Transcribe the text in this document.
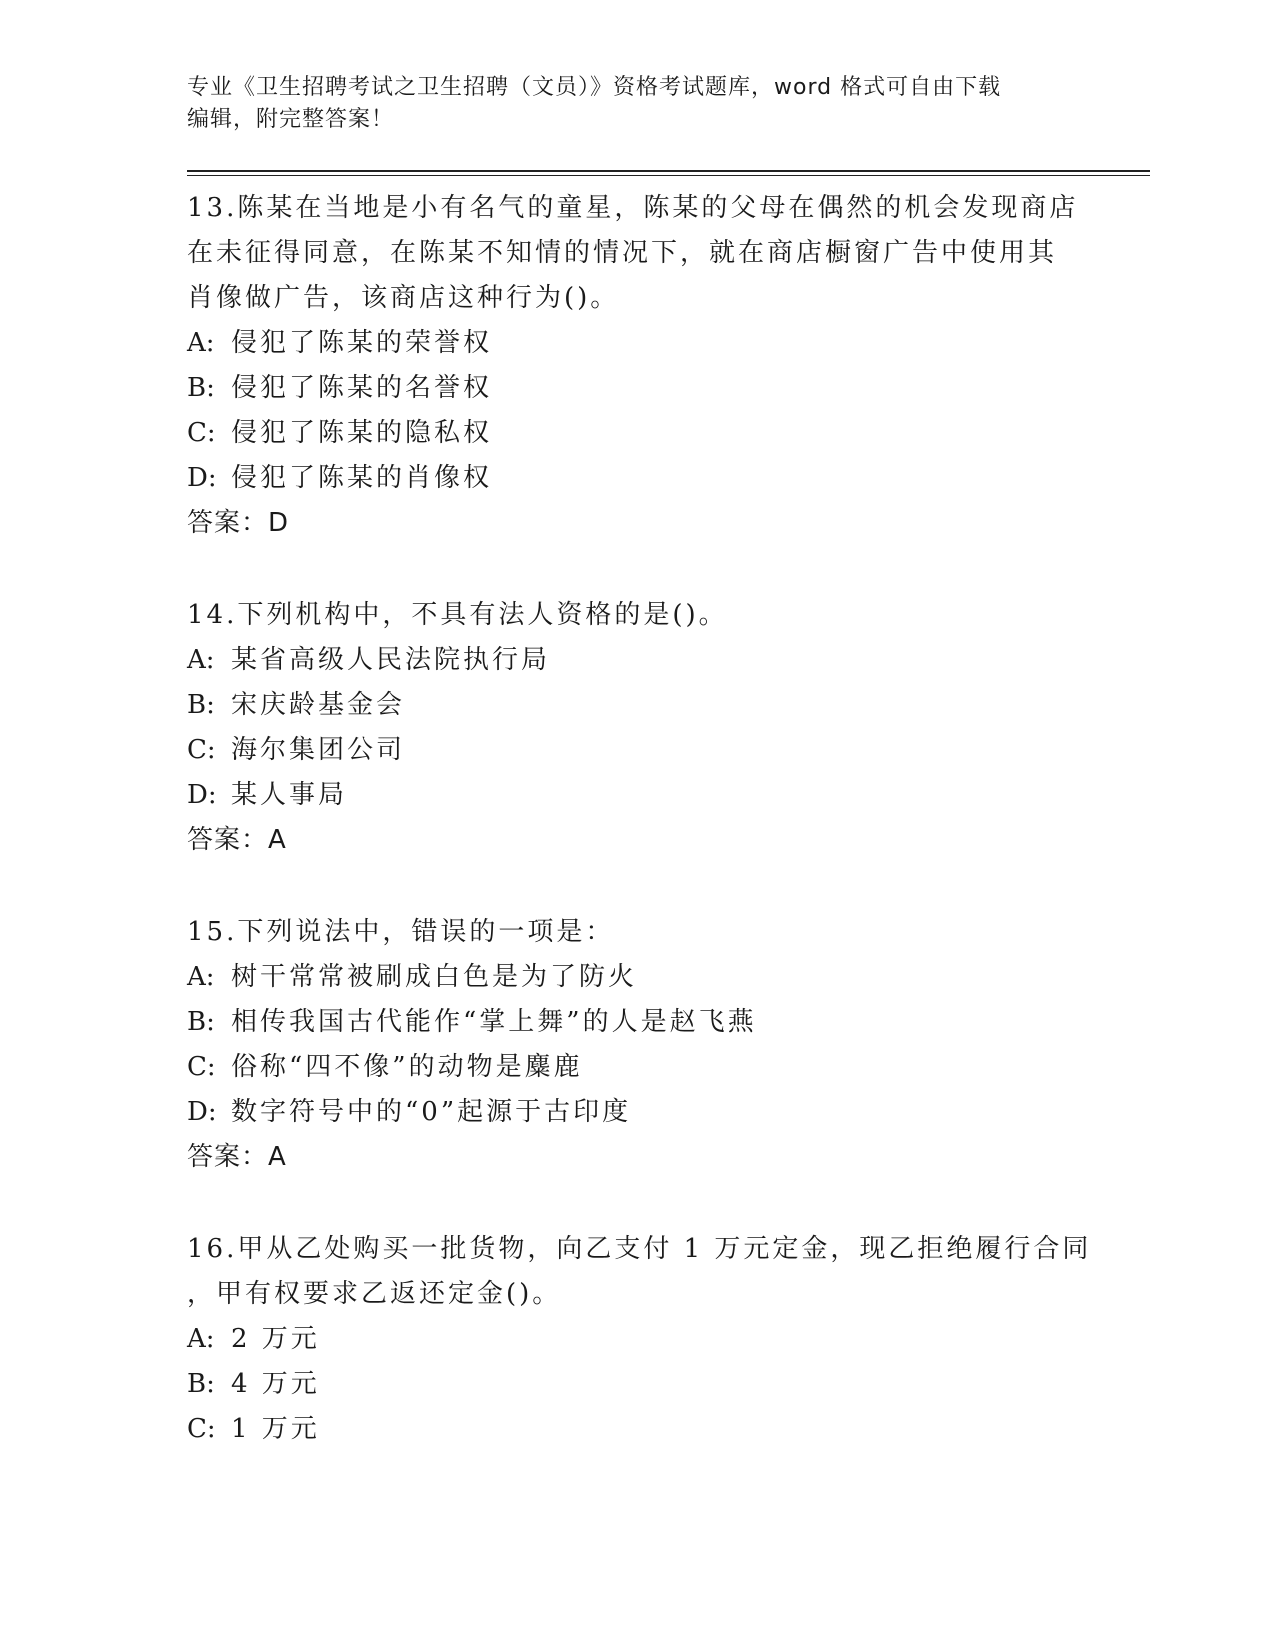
专业《卫生招聘考试之卫生招聘（文员）》资格考试题库，word 格式可自由下载
编辑，附完整答案！

13.陈某在当地是小有名气的童星，陈某的父母在偶然的机会发现商店

在未征得同意，在陈某不知情的情况下，就在商店橱窗广告中使用其

肖像做广告，该商店这种行为()。

A: 侵犯了陈某的荣誉权

B: 侵犯了陈某的名誉权

C: 侵犯了陈某的隐私权

D: 侵犯了陈某的肖像权

答案：D

14.下列机构中，不具有法人资格的是()。

A: 某省高级人民法院执行局

B: 宋庆龄基金会

C: 海尔集团公司

D: 某人事局

答案：A

15.下列说法中，错误的一项是：

A: 树干常常被刷成白色是为了防火

B: 相传我国古代能作“掌上舞”的人是赵飞燕

C: 俗称“四不像”的动物是麋鹿

D: 数字符号中的“0”起源于古印度

答案：A

16.甲从乙处购买一批货物，向乙支付 1 万元定金，现乙拒绝履行合同

，甲有权要求乙返还定金()。

A: 2 万元

B: 4 万元

C: 1 万元
